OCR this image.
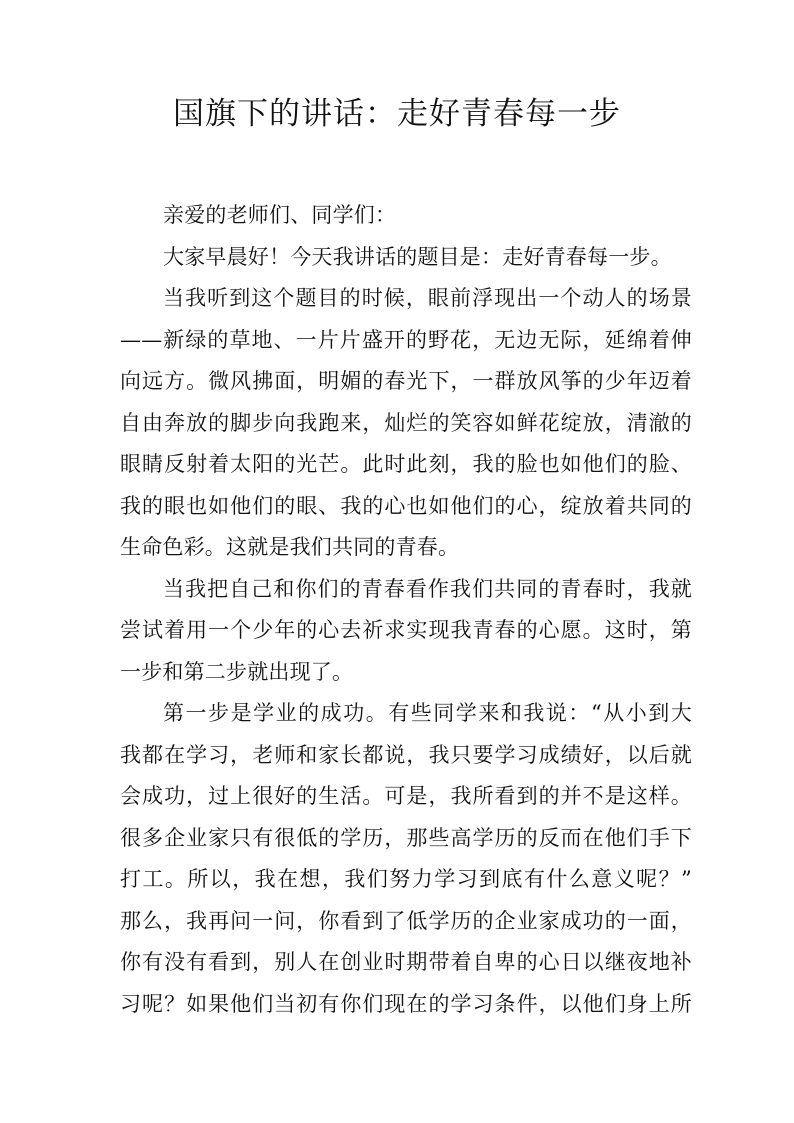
国旗下的讲话：走好青春每一步
亲爱的老师们、同学们：
大家早晨好！今天我讲话的题目是：走好青春每一步。
当我听到这个题目的时候，眼前浮现出一个动人的场景
——新绿的草地、一片片盛开的野花，无边无际，延绵着伸
向远方。微风拂面，明媚的春光下，一群放风筝的少年迈着
自由奔放的脚步向我跑来，灿烂的笑容如鲜花绽放，清澈的
眼睛反射着太阳的光芒。此时此刻，我的脸也如他们的脸、
我的眼也如他们的眼、我的心也如他们的心，绽放着共同的
生命色彩。这就是我们共同的青春。
当我把自己和你们的青春看作我们共同的青春时，我就
尝试着用一个少年的心去祈求实现我青春的心愿。这时，第
一步和第二步就出现了。
第一步是学业的成功。有些同学来和我说：“从小到大
我都在学习，老师和家长都说，我只要学习成绩好，以后就
会成功，过上很好的生活。可是，我所看到的并不是这样。
很多企业家只有很低的学历，那些高学历的反而在他们手下
打工。所以，我在想，我们努力学习到底有什么意义呢？”
那么，我再问一问，你看到了低学历的企业家成功的一面，
你有没有看到，别人在创业时期带着自卑的心日以继夜地补
习呢？如果他们当初有你们现在的学习条件，以他们身上所
